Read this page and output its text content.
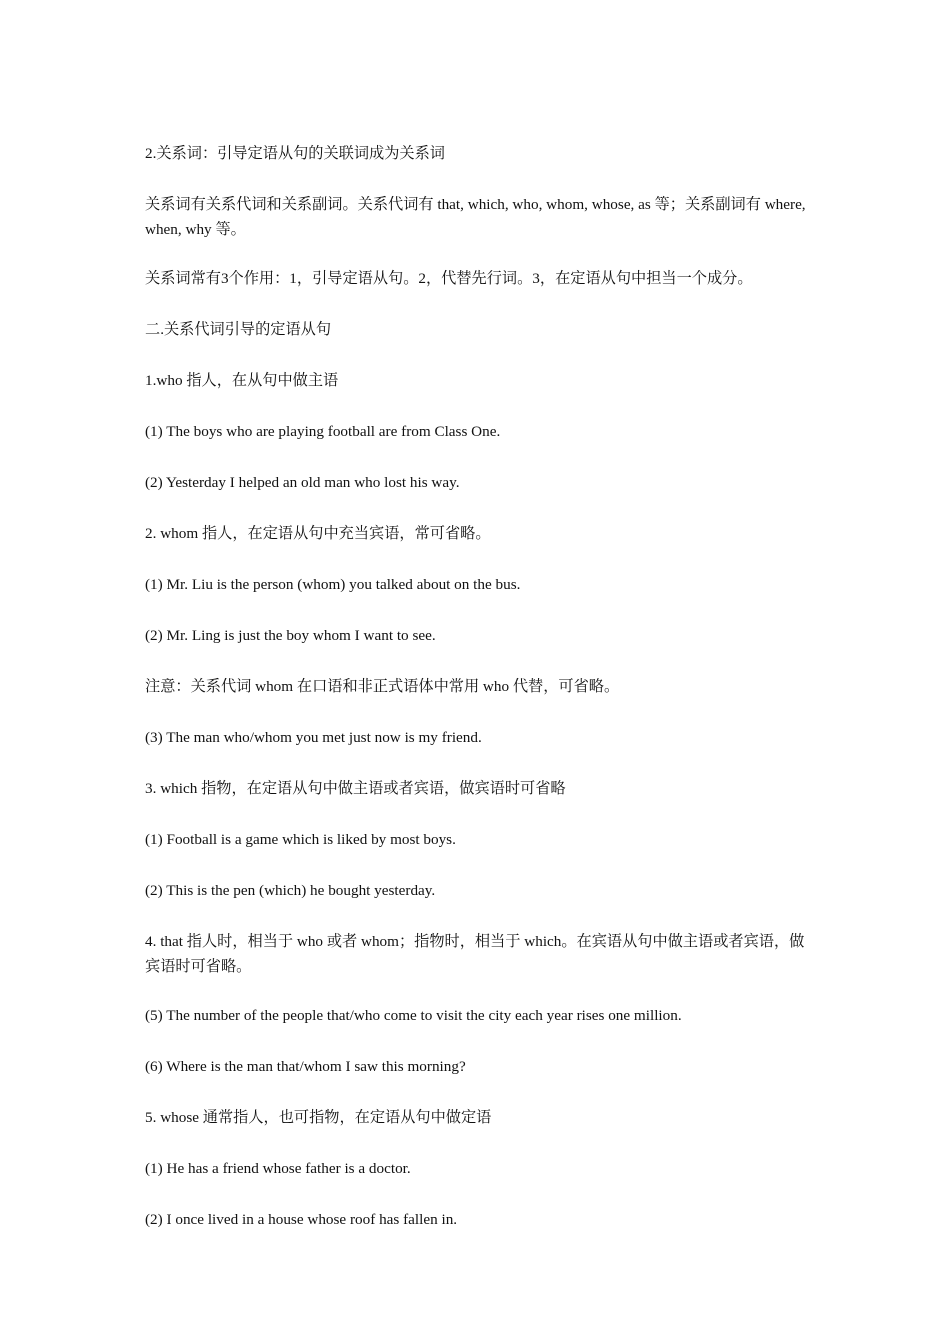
2.关系词：引导定语从句的关联词成为关系词

关系词有关系代词和关系副词。关系代词有 that, which, who, whom, whose, as 等；关系副词有 where, when, why 等。

关系词常有3个作用：1，引导定语从句。2，代替先行词。3，在定语从句中担当一个成分。

二.关系代词引导的定语从句

1.who 指人，在从句中做主语

(1) The boys who are playing football are from Class One.

(2) Yesterday I helped an old man who lost his way.

2. whom 指人，在定语从句中充当宾语，常可省略。

(1) Mr. Liu is the person (whom) you talked about on the bus.

(2) Mr. Ling is just the boy whom I want to see.

注意：关系代词 whom 在口语和非正式语体中常用 who 代替，可省略。

(3) The man who/whom you met just now is my friend.

3. which 指物，在定语从句中做主语或者宾语，做宾语时可省略

(1) Football is a game which is liked by most boys.

(2) This is the pen (which) he bought yesterday.

4. that 指人时，相当于 who 或者 whom；指物时，相当于 which。在宾语从句中做主语或者宾语，做宾语时可省略。

(5) The number of the people that/who come to visit the city each year rises one million.

(6) Where is the man that/whom I saw this morning?

5. whose 通常指人，也可指物，在定语从句中做定语

(1) He has a friend whose father is a doctor.

(2) I once lived in a house whose roof has fallen in.
